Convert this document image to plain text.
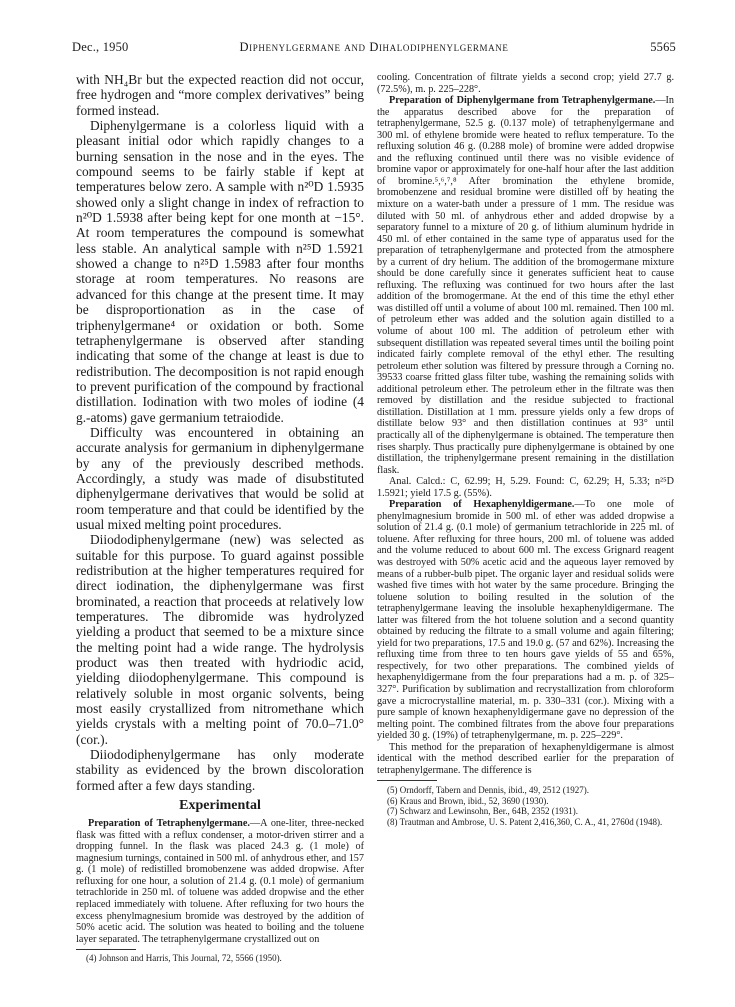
Dec., 1950	Diphenylgermane and Dihalodiphenylgermane	5565

with NH₄Br but the expected reaction did not occur, free hydrogen and “more complex derivatives” being formed instead.

Diphenylgermane is a colorless liquid with a pleasant initial odor which rapidly changes to a burning sensation in the nose and in the eyes. The compound seems to be fairly stable if kept at temperatures below zero. A sample with n²⁰D 1.5935 showed only a slight change in index of refraction to n²⁰D 1.5938 after being kept for one month at −15°. At room temperatures the compound is somewhat less stable. An analytical sample with n²⁵D 1.5921 showed a change to n²⁵D 1.5983 after four months storage at room temperatures. No reasons are advanced for this change at the present time. It may be disproportionation as in the case of triphenylgermane⁴ or oxidation or both. Some tetraphenylgermane is observed after standing indicating that some of the change at least is due to redistribution. The decomposition is not rapid enough to prevent purification of the compound by fractional distillation. Iodination with two moles of iodine (4 g.-atoms) gave germanium tetraiodide.

Difficulty was encountered in obtaining an accurate analysis for germanium in diphenylgermane by any of the previously described methods. Accordingly, a study was made of disubstituted diphenylgermane derivatives that would be solid at room temperature and that could be identified by the usual mixed melting point procedures.

Diiododiphenylgermane (new) was selected as suitable for this purpose. To guard against possible redistribution at the higher temperatures required for direct iodination, the diphenylgermane was first brominated, a reaction that proceeds at relatively low temperatures. The dibromide was hydrolyzed yielding a product that seemed to be a mixture since the melting point had a wide range. The hydrolysis product was then treated with hydriodic acid, yielding diiodophenylgermane. This compound is relatively soluble in most organic solvents, being most easily crystallized from nitromethane which yields crystals with a melting point of 70.0–71.0° (cor.).

Diiododiphenylgermane has only moderate stability as evidenced by the brown discoloration formed after a few days standing.

Experimental

Preparation of Tetraphenylgermane.—A one-liter, three-necked flask was fitted with a reflux condenser, a motor-driven stirrer and a dropping funnel. In the flask was placed 24.3 g. (1 mole) of magnesium turnings, contained in 500 ml. of anhydrous ether, and 157 g. (1 mole) of redistilled bromobenzene was added dropwise. After refluxing for one hour, a solution of 21.4 g. (0.1 mole) of germanium tetrachloride in 250 ml. of toluene was added dropwise and the ether replaced immediately with toluene. After refluxing for two hours the excess phenylmagnesium bromide was destroyed by the addition of 50% acetic acid. The solution was heated to boiling and the toluene layer separated. The tetraphenylgermane crystallized out on

(4) Johnson and Harris, This Journal, 72, 5566 (1950).

cooling. Concentration of filtrate yields a second crop; yield 27.7 g. (72.5%), m. p. 225–228°.

Preparation of Diphenylgermane from Tetraphenylgermane.—In the apparatus described above for the preparation of tetraphenylgermane, 52.5 g. (0.137 mole) of tetraphenylgermane and 300 ml. of ethylene bromide were heated to reflux temperature. To the refluxing solution 46 g. (0.288 mole) of bromine were added dropwise and the refluxing continued until there was no visible evidence of bromine vapor or approximately for one-half hour after the last addition of bromine.⁵,⁶,⁷,⁸ After bromination the ethylene bromide, bromobenzene and residual bromine were distilled off by heating the mixture on a water-bath under a pressure of 1 mm. The residue was diluted with 50 ml. of anhydrous ether and added dropwise by a separatory funnel to a mixture of 20 g. of lithium aluminum hydride in 450 ml. of ether contained in the same type of apparatus used for the preparation of tetraphenylgermane and protected from the atmosphere by a current of dry helium. The addition of the bromogermane mixture should be done carefully since it generates sufficient heat to cause refluxing. The refluxing was continued for two hours after the last addition of the bromogermane. At the end of this time the ethyl ether was distilled off until a volume of about 100 ml. remained. Then 100 ml. of petroleum ether was added and the solution again distilled to a volume of about 100 ml. The addition of petroleum ether with subsequent distillation was repeated several times until the boiling point indicated fairly complete removal of the ethyl ether. The resulting petroleum ether solution was filtered by pressure through a Corning no. 39533 coarse fritted glass filter tube, washing the remaining solids with additional petroleum ether. The petroleum ether in the filtrate was then removed by distillation and the residue subjected to fractional distillation. Distillation at 1 mm. pressure yields only a few drops of distillate below 93° and then distillation continues at 93° until practically all of the diphenylgermane is obtained. The temperature then rises sharply. Thus practically pure diphenylgermane is obtained by one distillation, the triphenylgermane present remaining in the distillation flask.

Anal. Calcd.: C, 62.99; H, 5.29. Found: C, 62.29; H, 5.33; n²⁵D 1.5921; yield 17.5 g. (55%).

Preparation of Hexaphenyldigermane.—To one mole of phenylmagnesium bromide in 500 ml. of ether was added dropwise a solution of 21.4 g. (0.1 mole) of germanium tetrachloride in 225 ml. of toluene. After refluxing for three hours, 200 ml. of toluene was added and the volume reduced to about 600 ml. The excess Grignard reagent was destroyed with 50% acetic acid and the aqueous layer removed by means of a rubber-bulb pipet. The organic layer and residual solids were washed five times with hot water by the same procedure. Bringing the toluene solution to boiling resulted in the solution of the tetraphenylgermane leaving the insoluble hexaphenyldigermane. The latter was filtered from the hot toluene solution and a second quantity obtained by reducing the filtrate to a small volume and again filtering; yield for two preparations, 17.5 and 19.0 g. (57 and 62%). Increasing the refluxing time from three to ten hours gave yields of 55 and 65%, respectively, for two other preparations. The combined yields of hexaphenyldigermane from the four preparations had a m. p. of 325–327°. Purification by sublimation and recrystallization from chloroform gave a microcrystalline material, m. p. 330–331 (cor.). Mixing with a pure sample of known hexaphenyldigermane gave no depression of the melting point. The combined filtrates from the above four preparations yielded 30 g. (19%) of tetraphenylgermane, m. p. 225–229°.

This method for the preparation of hexaphenyldigermane is almost identical with the method described earlier for the preparation of tetraphenylgermane. The difference is

(5) Orndorff, Tabern and Dennis, ibid., 49, 2512 (1927).

(6) Kraus and Brown, ibid., 52, 3690 (1930).

(7) Schwarz and Lewinsohn, Ber., 64B, 2352 (1931).

(8) Trautman and Ambrose, U. S. Patent 2,416,360, C. A., 41, 2760d (1948).
